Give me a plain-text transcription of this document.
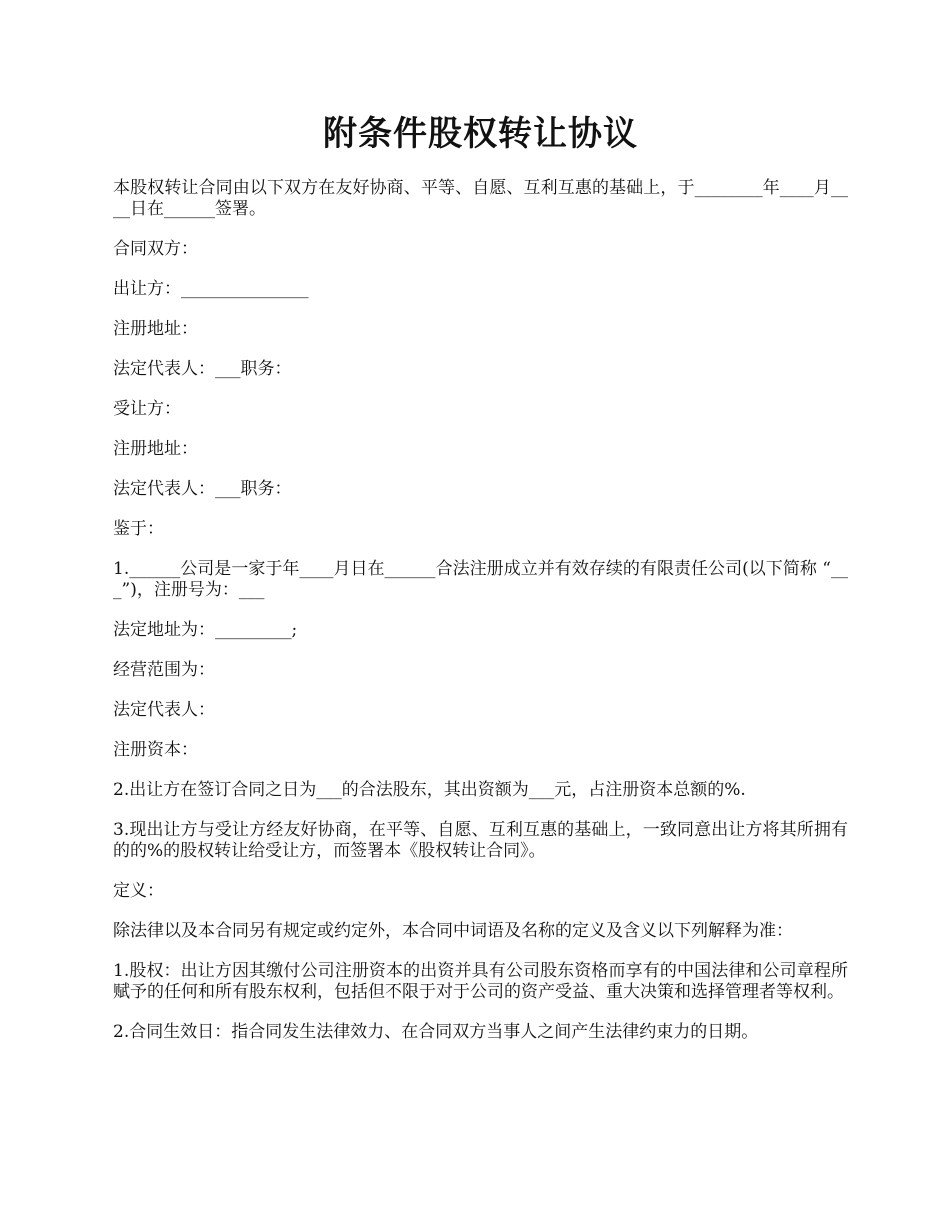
附条件股权转让协议

本股权转让合同由以下双方在友好协商、平等、自愿、互利互惠的基础上，于________年____月____日在______签署。

合同双方：

出让方：_______________

注册地址：

法定代表人：___职务：

受让方：

注册地址：

法定代表人：___职务：

鉴于：

1.______公司是一家于年____月日在______合法注册成立并有效存续的有限责任公司(以下简称 “___”)，注册号为：___

法定地址为：_________;

经营范围为：

法定代表人：

注册资本：

2.出让方在签订合同之日为___的合法股东，其出资额为___元，占注册资本总额的%.

3.现出让方与受让方经友好协商，在平等、自愿、互利互惠的基础上，一致同意出让方将其所拥有的的%的股权转让给受让方，而签署本《股权转让合同》。

定义：

除法律以及本合同另有规定或约定外，本合同中词语及名称的定义及含义以下列解释为准：

1.股权：出让方因其缴付公司注册资本的出资并具有公司股东资格而享有的中国法律和公司章程所赋予的任何和所有股东权利，包括但不限于对于公司的资产受益、重大决策和选择管理者等权利。

2.合同生效日：指合同发生法律效力、在合同双方当事人之间产生法律约束力的日期。
